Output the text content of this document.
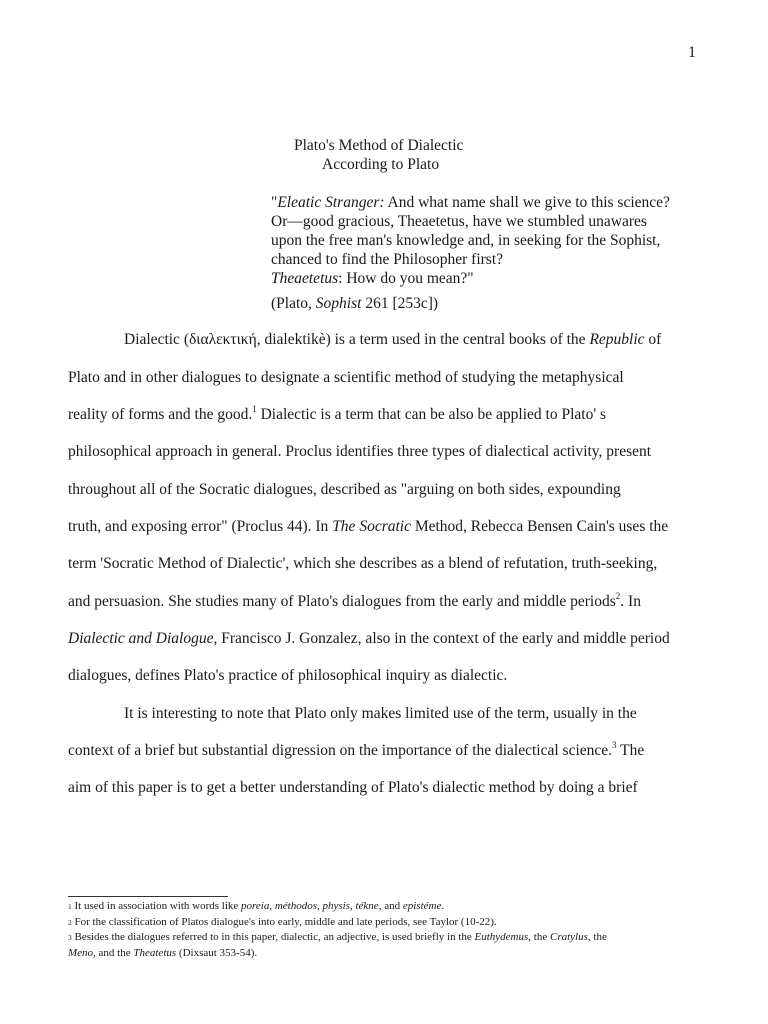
1
Plato's Method of Dialectic
According to Plato
"Eleatic Stranger: And what name shall we give to this science?
Or—good gracious, Theaetetus, have we stumbled unawares
upon the free man's knowledge and, in seeking for the Sophist,
chanced to find the Philosopher first?
Theaetetus: How do you mean?"
(Plato, Sophist 261 [253c])
Dialectic (διαλεκτική, dialektikè) is a term used in the central books of the Republic of
Plato and in other dialogues to designate a scientific method of studying the metaphysical
reality of forms and the good.$^1$ Dialectic is a term that can be also be applied to Plato' s
philosophical approach in general. Proclus identifies three types of dialectical activity, present
throughout all of the Socratic dialogues, described as "arguing on both sides, expounding
truth, and exposing error" (Proclus 44). In The Socratic Method, Rebecca Bensen Cain's uses the
term 'Socratic Method of Dialectic', which she describes as a blend of refutation, truth-seeking,
and persuasion. She studies many of Plato's dialogues from the early and middle periods$^2$. In
Dialectic and Dialogue, Francisco J. Gonzalez, also in the context of the early and middle period
dialogues, defines Plato's practice of philosophical inquiry as dialectic.
It is interesting to note that Plato only makes limited use of the term, usually in the
context of a brief but substantial digression on the importance of the dialectical science.$^3$ The
aim of this paper is to get a better understanding of Plato's dialectic method by doing a brief
$^1$ It used in association with words like poreia, méthodos, physis, tékne, and epistéme.
$^2$ For the classification of Platos dialogue's into early, middle and late periods, see Taylor (10-22).
$^3$ Besides the dialogues referred to in this paper, dialectic, an adjective, is used briefly in the Euthydemus, the Cratylus, the
Meno, and the Theatetus (Dixsaut 353-54).
